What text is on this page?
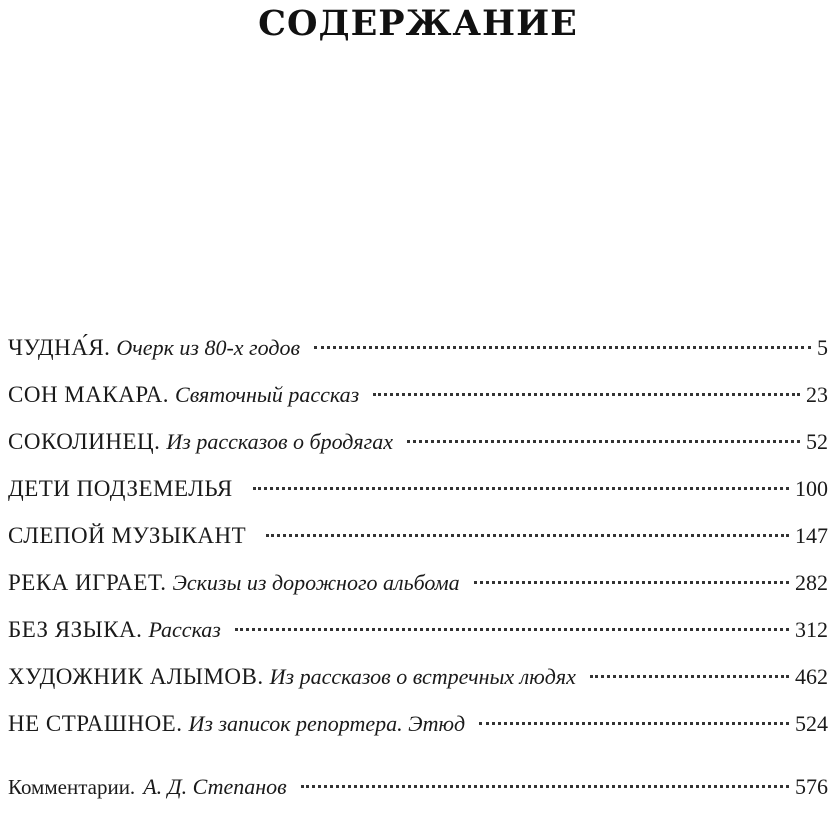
СОДЕРЖАНИЕ
ЧУДНА́Я. Очерк из 80-х годов	5
СОН МАКАРА. Святочный рассказ	23
СОКОЛИНЕЦ. Из рассказов о бродягах	52
ДЕТИ ПОДЗЕМЕЛЬЯ	100
СЛЕПОЙ МУЗЫКАНТ	147
РЕКА ИГРАЕТ. Эскизы из дорожного альбома	282
БЕЗ ЯЗЫКА. Рассказ	312
ХУДОЖНИК АЛЫМОВ. Из рассказов о встречных людях	462
НЕ СТРАШНОЕ. Из записок репортера. Этюд	524
Комментарии. А. Д. Степанов	576
